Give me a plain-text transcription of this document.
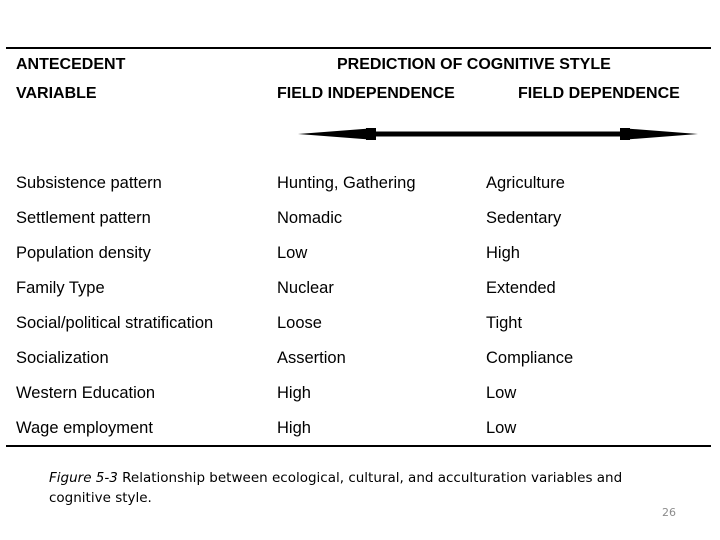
ANTECEDENT
VARIABLE
PREDICTION OF COGNITIVE STYLE
FIELD INDEPENDENCE	FIELD DEPENDENCE
Subsistence pattern	Hunting, Gathering	Agriculture
Settlement pattern	Nomadic	Sedentary
Population density	Low	High
Family Type	Nuclear	Extended
Social/political stratification	Loose	Tight
Socialization	Assertion	Compliance
Western Education	High	Low
Wage employment	High	Low
Figure 5-3 Relationship between ecological, cultural, and acculturation variables and cognitive style.
26
